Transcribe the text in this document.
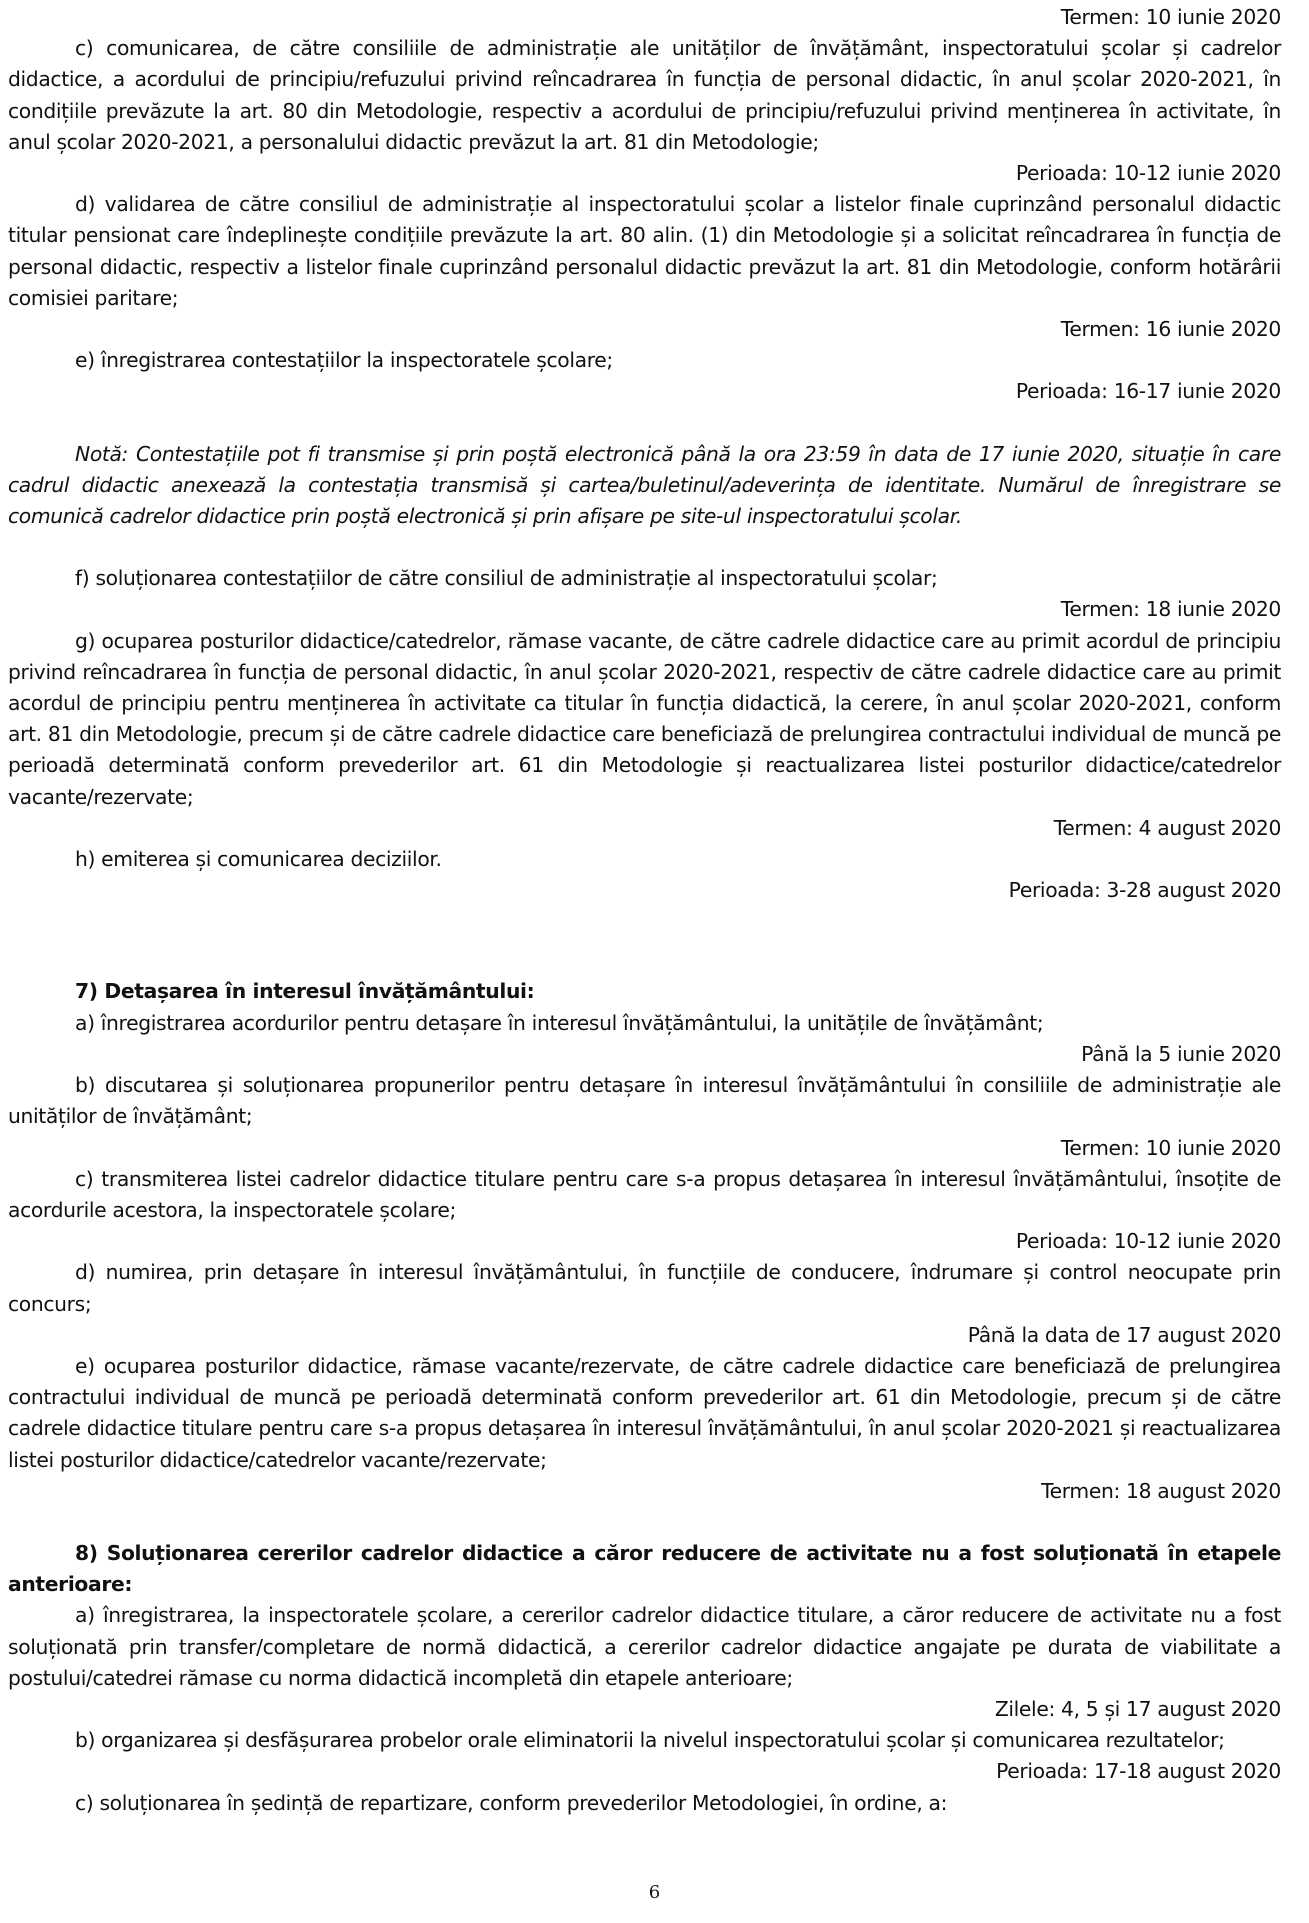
Termen: 10 iunie 2020
c) comunicarea, de către consiliile de administrație ale unităților de învățământ, inspectoratului școlar și cadrelor didactice, a acordului de principiu/refuzului privind reîncadrarea în funcția de personal didactic, în anul școlar 2020-2021, în condițiile prevăzute la art. 80 din Metodologie, respectiv a acordului de principiu/refuzului privind menținerea în activitate, în anul școlar 2020-2021, a personalului didactic prevăzut la art. 81 din Metodologie;
Perioada: 10-12 iunie 2020
d) validarea de către consiliul de administrație al inspectoratului școlar a listelor finale cuprinzând personalul didactic titular pensionat care îndeplinește condițiile prevăzute la art. 80 alin. (1) din Metodologie și a solicitat reîncadrarea în funcția de personal didactic, respectiv a listelor finale cuprinzând personalul didactic prevăzut la art. 81 din Metodologie, conform hotărârii comisiei paritare;
Termen: 16 iunie 2020
e) înregistrarea contestațiilor la inspectoratele școlare;
Perioada: 16-17 iunie 2020
Notă: Contestațiile pot fi transmise și prin poștă electronică până la ora 23:59 în data de 17 iunie 2020, situație în care cadrul didactic anexează la contestația transmisă și cartea/buletinul/adeverința de identitate. Numărul de înregistrare se comunică cadrelor didactice prin poștă electronică și prin afișare pe site-ul inspectoratului școlar.
f) soluționarea contestațiilor de către consiliul de administrație al inspectoratului școlar;
Termen: 18 iunie 2020
g) ocuparea posturilor didactice/catedrelor, rămase vacante, de către cadrele didactice care au primit acordul de principiu privind reîncadrarea în funcția de personal didactic, în anul școlar 2020-2021, respectiv de către cadrele didactice care au primit acordul de principiu pentru menținerea în activitate ca titular în funcția didactică, la cerere, în anul școlar 2020-2021, conform art. 81 din Metodologie, precum și de către cadrele didactice care beneficiază de prelungirea contractului individual de muncă pe perioadă determinată conform prevederilor art. 61 din Metodologie și reactualizarea listei posturilor didactice/catedrelor vacante/rezervate;
Termen: 4 august 2020
h) emiterea și comunicarea deciziilor.
Perioada: 3-28 august 2020
7) Detașarea în interesul învățământului:
a) înregistrarea acordurilor pentru detașare în interesul învățământului, la unitățile de învățământ;
Până la 5 iunie 2020
b) discutarea și soluționarea propunerilor pentru detașare în interesul învățământului în consiliile de administrație ale unităților de învățământ;
Termen: 10 iunie 2020
c) transmiterea listei cadrelor didactice titulare pentru care s-a propus detașarea în interesul învățământului, însoțite de acordurile acestora, la inspectoratele școlare;
Perioada: 10-12 iunie 2020
d) numirea, prin detașare în interesul învățământului, în funcțiile de conducere, îndrumare și control neocupate prin concurs;
Până la data de 17 august 2020
e) ocuparea posturilor didactice, rămase vacante/rezervate, de către cadrele didactice care beneficiază de prelungirea contractului individual de muncă pe perioadă determinată conform prevederilor art. 61 din Metodologie, precum și de către cadrele didactice titulare pentru care s-a propus detașarea în interesul învățământului, în anul școlar 2020-2021 și reactualizarea listei posturilor didactice/catedrelor vacante/rezervate;
Termen: 18 august 2020
8) Soluționarea cererilor cadrelor didactice a căror reducere de activitate nu a fost soluționată în etapele anterioare:
a) înregistrarea, la inspectoratele școlare, a cererilor cadrelor didactice titulare, a căror reducere de activitate nu a fost soluționată prin transfer/completare de normă didactică, a cererilor cadrelor didactice angajate pe durata de viabilitate a postului/catedrei rămase cu norma didactică incompletă din etapele anterioare;
Zilele: 4, 5 și 17 august 2020
b) organizarea și desfășurarea probelor orale eliminatorii la nivelul inspectoratului școlar și comunicarea rezultatelor;
Perioada: 17-18 august 2020
c) soluționarea în ședință de repartizare, conform prevederilor Metodologiei, în ordine, a:
6
